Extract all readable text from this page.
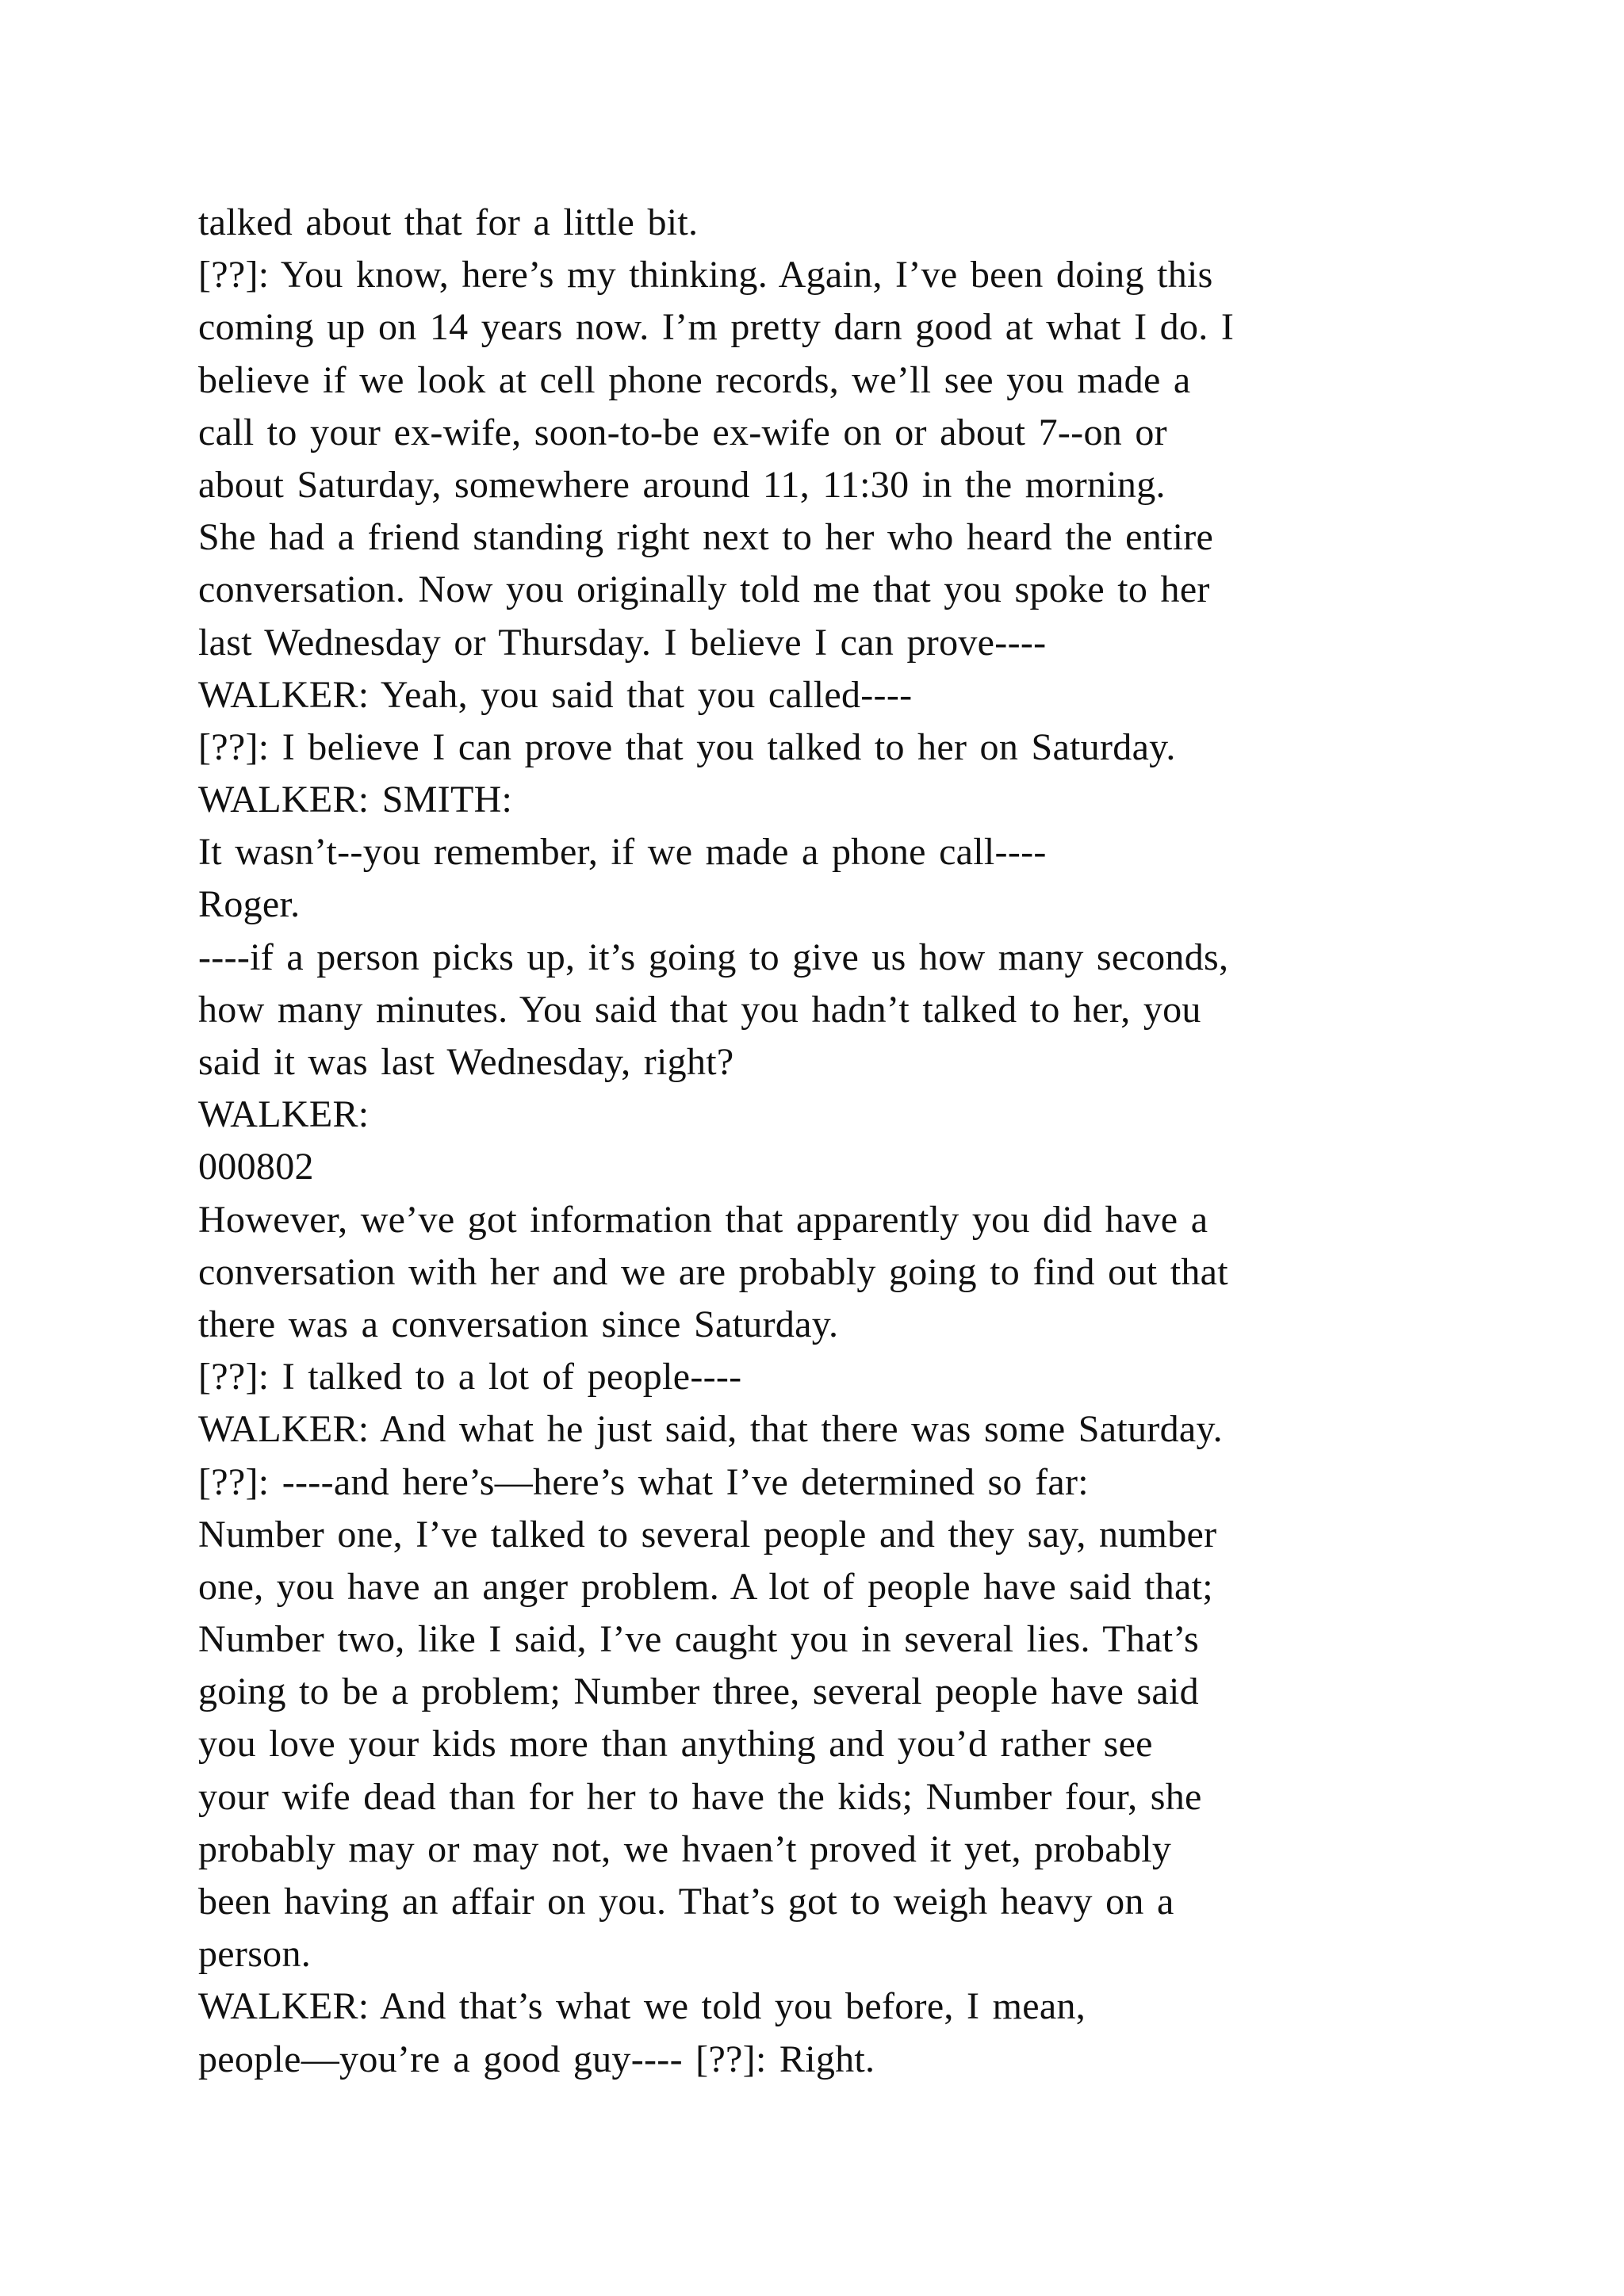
talked about that for a little bit.
[??]: You know, here’s my thinking. Again, I’ve been doing this
coming up on 14 years now. I’m pretty darn good at what I do. I
believe if we look at cell phone records, we’ll see you made a
call to your ex-wife, soon-to-be ex-wife on or about 7--on or
about Saturday, somewhere around 11, 11:30 in the morning.
She had a friend standing right next to her who heard the entire
conversation. Now you originally told me that you spoke to her
last Wednesday or Thursday. I believe I can prove----
WALKER: Yeah, you said that you called----
[??]: I believe I can prove that you talked to her on Saturday.
WALKER: SMITH:
It wasn’t--you remember, if we made a phone call----
Roger.
----if a person picks up, it’s going to give us how many seconds,
how many minutes. You said that you hadn’t talked to her, you
said it was last Wednesday, right?
WALKER:
000802
However, we’ve got information that apparently you did have a
conversation with her and we are probably going to find out that
there was a conversation since Saturday.
[??]: I talked to a lot of people----
WALKER: And what he just said, that there was some Saturday.
[??]: ----and here’s—here’s what I’ve determined so far:
Number one, I’ve talked to several people and they say, number
one, you have an anger problem. A lot of people have said that;
Number two, like I said, I’ve caught you in several lies. That’s
going to be a problem; Number three, several people have said
you love your kids more than anything and you’d rather see
your wife dead than for her to have the kids; Number four, she
probably may or may not, we hvaen’t proved it yet, probably
been having an affair on you. That’s got to weigh heavy on a
person.
WALKER: And that’s what we told you before, I mean,
people—you’re a good guy---- [??]: Right.
